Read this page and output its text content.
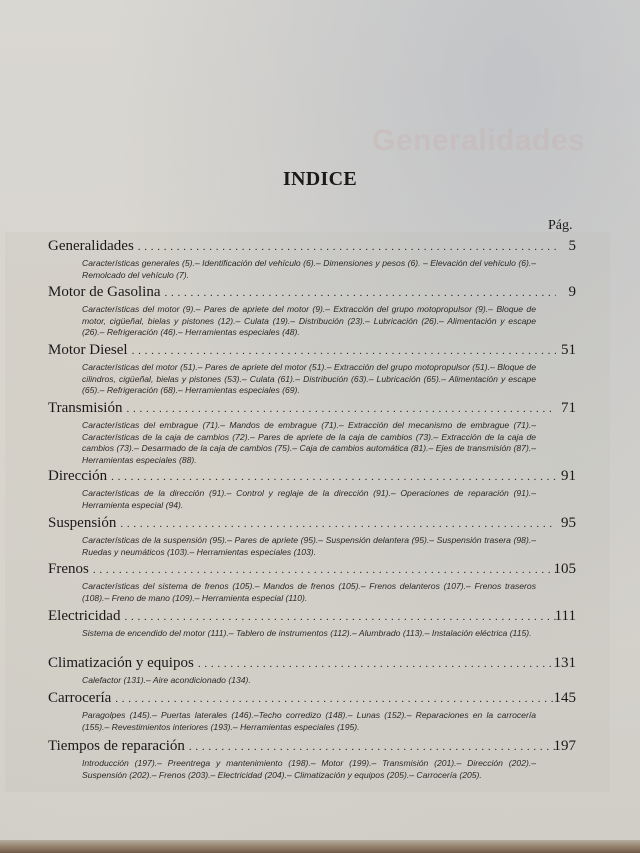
Generalidades
INDICE
Pág.
Generalidades . . .	5
Características generales (5).– Identificación del vehículo (6).– Dimensiones y pesos (6). – Elevación del vehículo (6).– Remolcado del vehículo (7).
Motor de Gasolina . . .	9
Características del motor (9).– Pares de apriete del motor (9).– Extracción del grupo motopropulsor (9).– Bloque de motor, cigüeñal, bielas y pistones (12).– Culata (19).– Distribución (23).– Lubricación (26).– Alimentación y escape (26).– Refrigeración (46).– Herramientas especiales (48).
Motor Diesel . . .	51
Características del motor (51).– Pares de apriete del motor (51).– Extracción del grupo motopropulsor (51).– Bloque de cilindros, cigüeñal, bielas y pistones (53).– Culata (61).– Distribución (63).– Lubricación (65).– Alimentación y escape (65).– Refrigeración (68).– Herramientas especiales (69).
Transmisión . . .	71
Características del embrague (71).– Mandos de embrague (71).– Extracción del mecanismo de embrague (71).– Características de la caja de cambios (72).– Pares de apriete de la caja de cambios (73).– Extracción de la caja de cambios (73).– Desarmado de la caja de cambios (75).– Caja de cambios automática (81).– Ejes de transmisión (87).– Herramientas especiales (88).
Dirección . . .	91
Características de la dirección (91).– Control y reglaje de la dirección (91).– Operaciones de reparación (91).– Herramienta especial (94).
Suspensión . . .	95
Características de la suspensión (95).– Pares de apriete (95).– Suspensión delantera (95).– Suspensión trasera (98).– Ruedas y neumáticos (103).– Herramientas especiales (103).
Frenos . . .	105
Características del sistema de frenos (105).– Mandos de frenos (105).– Frenos delanteros (107).– Frenos traseros (108).– Freno de mano (109).– Herramienta especial (110).
Electricidad . . .	111
Sistema de encendido del motor (111).– Tablero de instrumentos (112).– Alumbrado (113).– Instalación eléctrica (115).
Climatización y equipos . . .	131
Calefactor (131).– Aire acondicionado (134).
Carrocería . . .	145
Paragolpes (145).– Puertas laterales (146).–Techo corredizo (148).– Lunas (152).– Reparaciones en la carrocería (155).– Revestimientos interiores (193).– Herramientas especiales (195).
Tiempos de reparación . . .	197
Introducción (197).– Preentrega y mantenimiento (198).– Motor (199).– Transmisión (201).– Dirección (202).– Suspensión (202).– Frenos (203).– Electricidad (204).– Climatización y equipos (205).– Carrocería (205).
